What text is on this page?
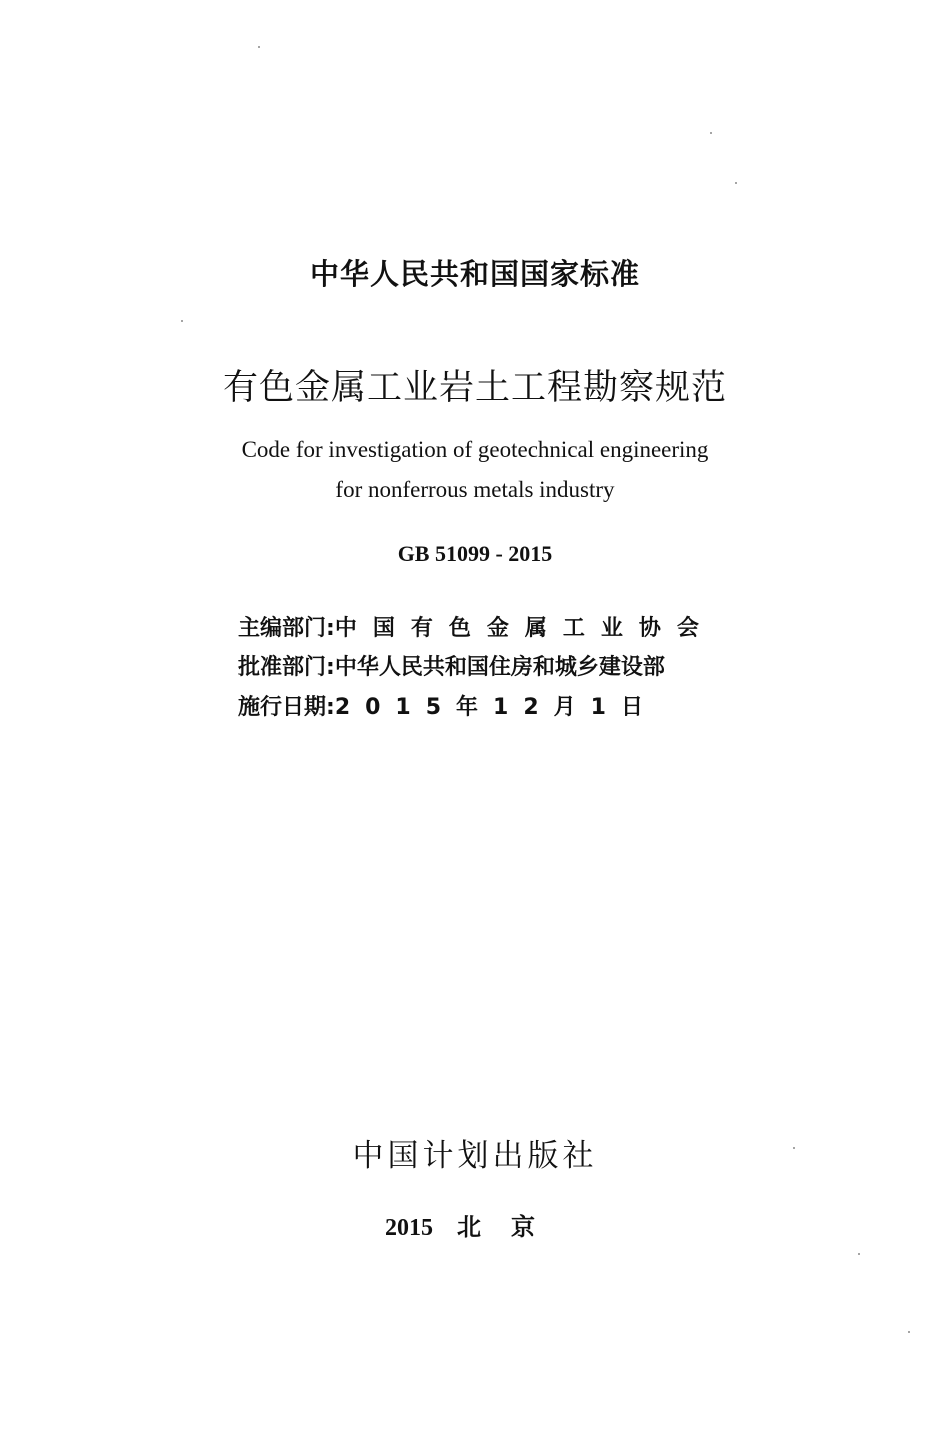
中华人民共和国国家标准
有色金属工业岩土工程勘察规范
Code for investigation of geotechnical engineering
for nonferrous metals industry
GB 51099 - 2015
主编部门:中国有色金属工业协会
批准部门:中华人民共和国住房和城乡建设部
施行日期:2015年12月1日
中国计划出版社
2015 北京
